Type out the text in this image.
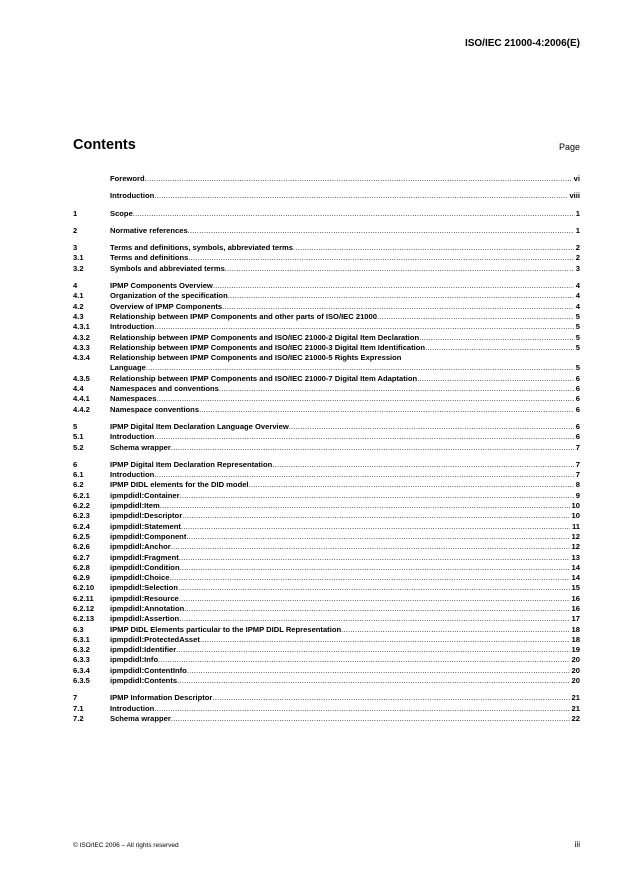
ISO/IEC 21000-4:2006(E)
Contents	Page
Foreword .....	vi
Introduction .....	viii
1	Scope .....	1
2	Normative references .....	1
3	Terms and definitions, symbols, abbreviated terms .....	2
3.1	Terms and definitions .....	2
3.2	Symbols and abbreviated terms .....	3
4	IPMP Components Overview .....	4
4.1	Organization of the specification .....	4
4.2	Overview of IPMP Components .....	4
4.3	Relationship between IPMP Components and other parts of ISO/IEC 21000 .....	5
4.3.1	Introduction .....	5
4.3.2	Relationship between IPMP Components and ISO/IEC 21000-2 Digital Item Declaration .....	5
4.3.3	Relationship between IPMP Components and ISO/IEC 21000-3 Digital Item Identification .....	5
4.3.4	Relationship between IPMP Components and ISO/IEC 21000-5 Rights Expression
Language .....	5
4.3.5	Relationship between IPMP Components and ISO/IEC 21000-7 Digital Item Adaptation .....	6
4.4	Namespaces and conventions .....	6
4.4.1	Namespaces .....	6
4.4.2	Namespace conventions .....	6
5	IPMP Digital Item Declaration Language Overview .....	6
5.1	Introduction .....	6
5.2	Schema wrapper .....	7
6	IPMP Digital Item Declaration Representation .....	7
6.1	Introduction .....	7
6.2	IPMP DIDL elements for the DID model .....	8
6.2.1	ipmpdidl:Container .....	9
6.2.2	ipmpdidl:Item .....	10
6.2.3	ipmpdidl:Descriptor .....	10
6.2.4	ipmpdidl:Statement .....	11
6.2.5	ipmpdidl:Component .....	12
6.2.6	ipmpdidl:Anchor .....	12
6.2.7	ipmpdidl:Fragment .....	13
6.2.8	ipmpdidl:Condition .....	14
6.2.9	ipmpdidl:Choice .....	14
6.2.10	ipmpdidl:Selection .....	15
6.2.11	ipmpdidl:Resource .....	16
6.2.12	ipmpdidl:Annotation .....	16
6.2.13	ipmpdidl:Assertion .....	17
6.3	IPMP DIDL Elements particular to the IPMP DIDL Representation .....	18
6.3.1	ipmpdidl:ProtectedAsset .....	18
6.3.2	ipmpdidl:Identifier .....	19
6.3.3	ipmpdidl:Info .....	20
6.3.4	ipmpdidl:ContentInfo .....	20
6.3.5	ipmpdidl:Contents .....	20
7	IPMP Information Descriptor .....	21
7.1	Introduction .....	21
7.2	Schema wrapper .....	22
© ISO/IEC 2006 – All rights reserved	iii
